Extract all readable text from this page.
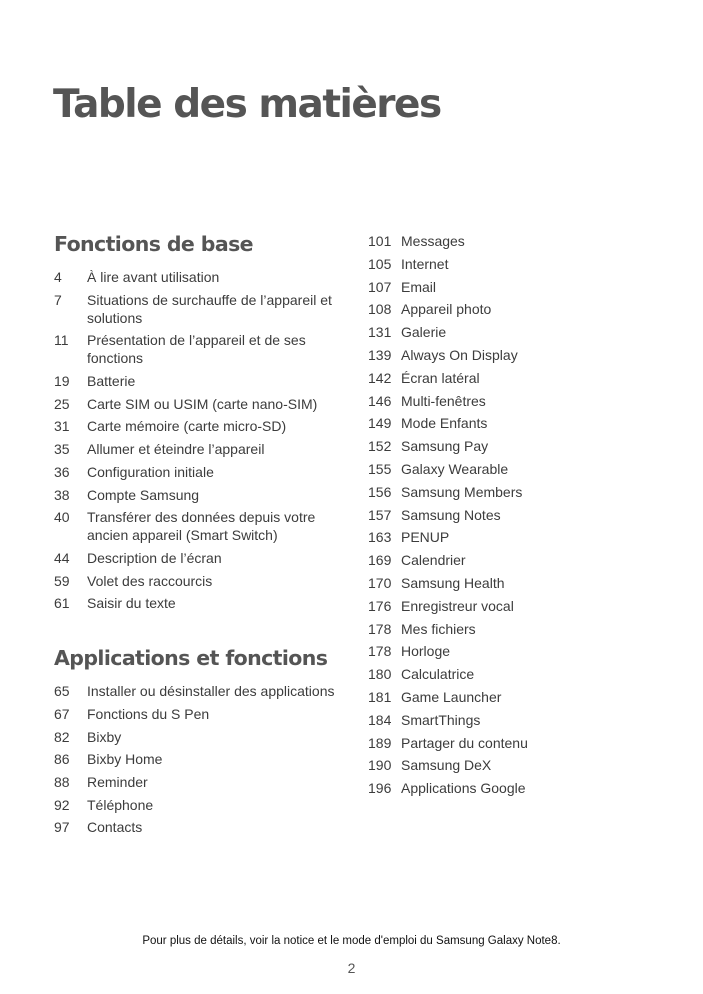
Table des matières
Fonctions de base
4	À lire avant utilisation
7	Situations de surchauffe de l’appareil et solutions
11	Présentation de l’appareil et de ses fonctions
19	Batterie
25	Carte SIM ou USIM (carte nano-SIM)
31	Carte mémoire (carte micro-SD)
35	Allumer et éteindre l’appareil
36	Configuration initiale
38	Compte Samsung
40	Transférer des données depuis votre ancien appareil (Smart Switch)
44	Description de l’écran
59	Volet des raccourcis
61	Saisir du texte
Applications et fonctions
65	Installer ou désinstaller des applications
67	Fonctions du S Pen
82	Bixby
86	Bixby Home
88	Reminder
92	Téléphone
97	Contacts
101 Messages
105 Internet
107 Email
108 Appareil photo
131 Galerie
139 Always On Display
142 Écran latéral
146 Multi-fenêtres
149 Mode Enfants
152 Samsung Pay
155 Galaxy Wearable
156 Samsung Members
157 Samsung Notes
163 PENUP
169 Calendrier
170 Samsung Health
176 Enregistreur vocal
178 Mes fichiers
178 Horloge
180 Calculatrice
181 Game Launcher
184 SmartThings
189 Partager du contenu
190 Samsung DeX
196 Applications Google
Pour plus de détails, voir la notice et le mode d'emploi du Samsung Galaxy Note8.
2
